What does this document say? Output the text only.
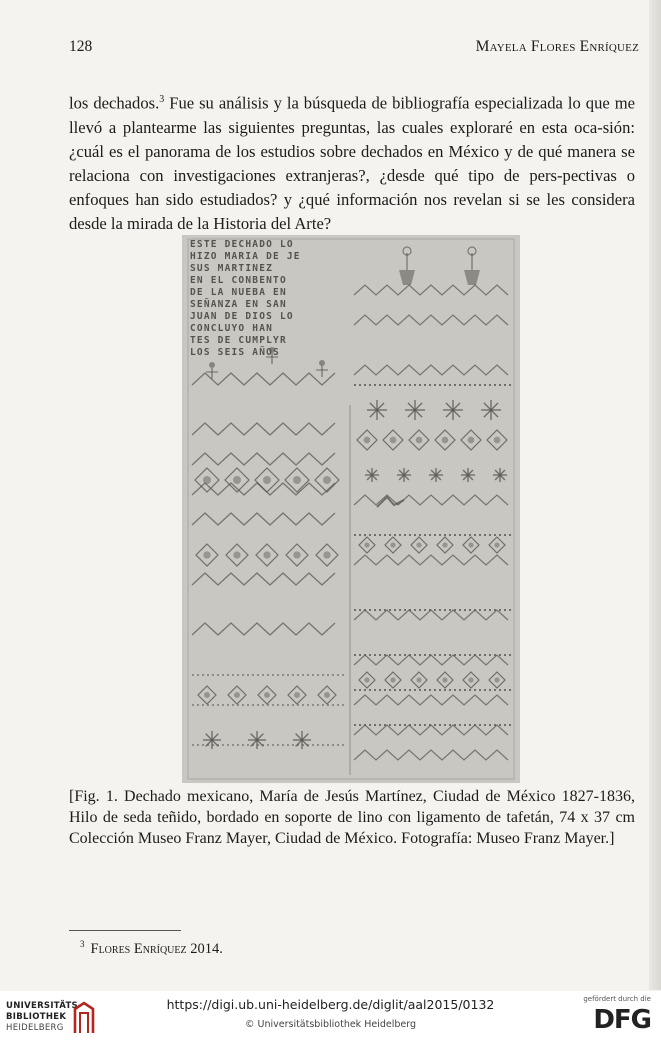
128	Mayela Flores Enríquez

los dechados.$^3$ Fue su análisis y la búsqueda de bibliografía especializada lo que me llevó a plantearme las siguientes preguntas, las cuales exploraré en esta oca-sión: ¿cuál es el panorama de los estudios sobre dechados en México y de qué manera se relaciona con investigaciones extranjeras?, ¿desde qué tipo de pers-pectivas o enfoques han sido estudiados? y ¿qué información nos revelan si se les considera desde la mirada de la Historia del Arte?

ESTE DECHADO LO
HIZO MARIA DE JE
SUS MARTINEZ
EN EL CONBENTO
DE LA NUEBA EN
SEÑANZA EN SAN
JUAN DE DIOS LO
CONCLUYO HAN
TES DE CUMPLYR
LOS SEIS AÑOS

[Fig. 1. Dechado mexicano, María de Jesús Martínez, Ciudad de México 1827-1836,
Hilo de seda teñido, bordado en soporte de lino con ligamento de tafetán, 74 x 37 cm
Colección Museo Franz Mayer, Ciudad de México. Fotografía: Museo Franz Mayer.]

$^3$ Flores Enríquez 2014.
UNIVERSITÄTS-
BIBLIOTHEK
HEIDELBERG
https://digi.ub.uni-heidelberg.de/diglit/aal2015/0132
© Universitätsbibliothek Heidelberg
gefördert durch die
DFG
